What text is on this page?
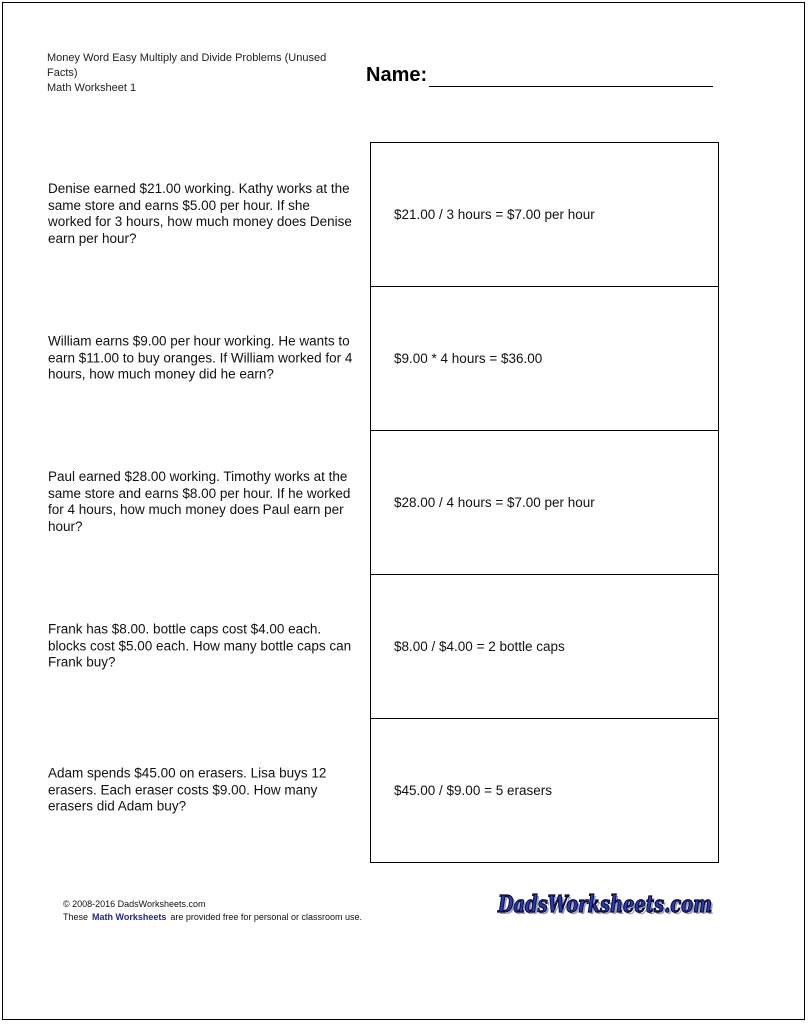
Money Word Easy Multiply and Divide Problems (Unused
Facts)
Math Worksheet 1
Name:
Denise earned $21.00 working. Kathy works at the same store and earns $5.00 per hour. If she worked for 3 hours, how much money does Denise earn per hour?
$21.00 / 3 hours = $7.00 per hour
William earns $9.00 per hour working. He wants to earn $11.00 to buy oranges. If William worked for 4 hours, how much money did he earn?
$9.00 * 4 hours = $36.00
Paul earned $28.00 working. Timothy works at the same store and earns $8.00 per hour. If he worked for 4 hours, how much money does Paul earn per hour?
$28.00 / 4 hours = $7.00 per hour
Frank has $8.00. bottle caps cost $4.00 each. blocks cost $5.00 each. How many bottle caps can Frank buy?
$8.00 / $4.00 = 2 bottle caps
Adam spends $45.00 on erasers. Lisa buys 12 erasers. Each eraser costs $9.00. How many erasers did Adam buy?
$45.00 / $9.00 = 5 erasers
© 2008-2016 DadsWorksheets.com
These Math Worksheets are provided free for personal or classroom use.	DadsWorksheets.com
DadsWorksheets.com
